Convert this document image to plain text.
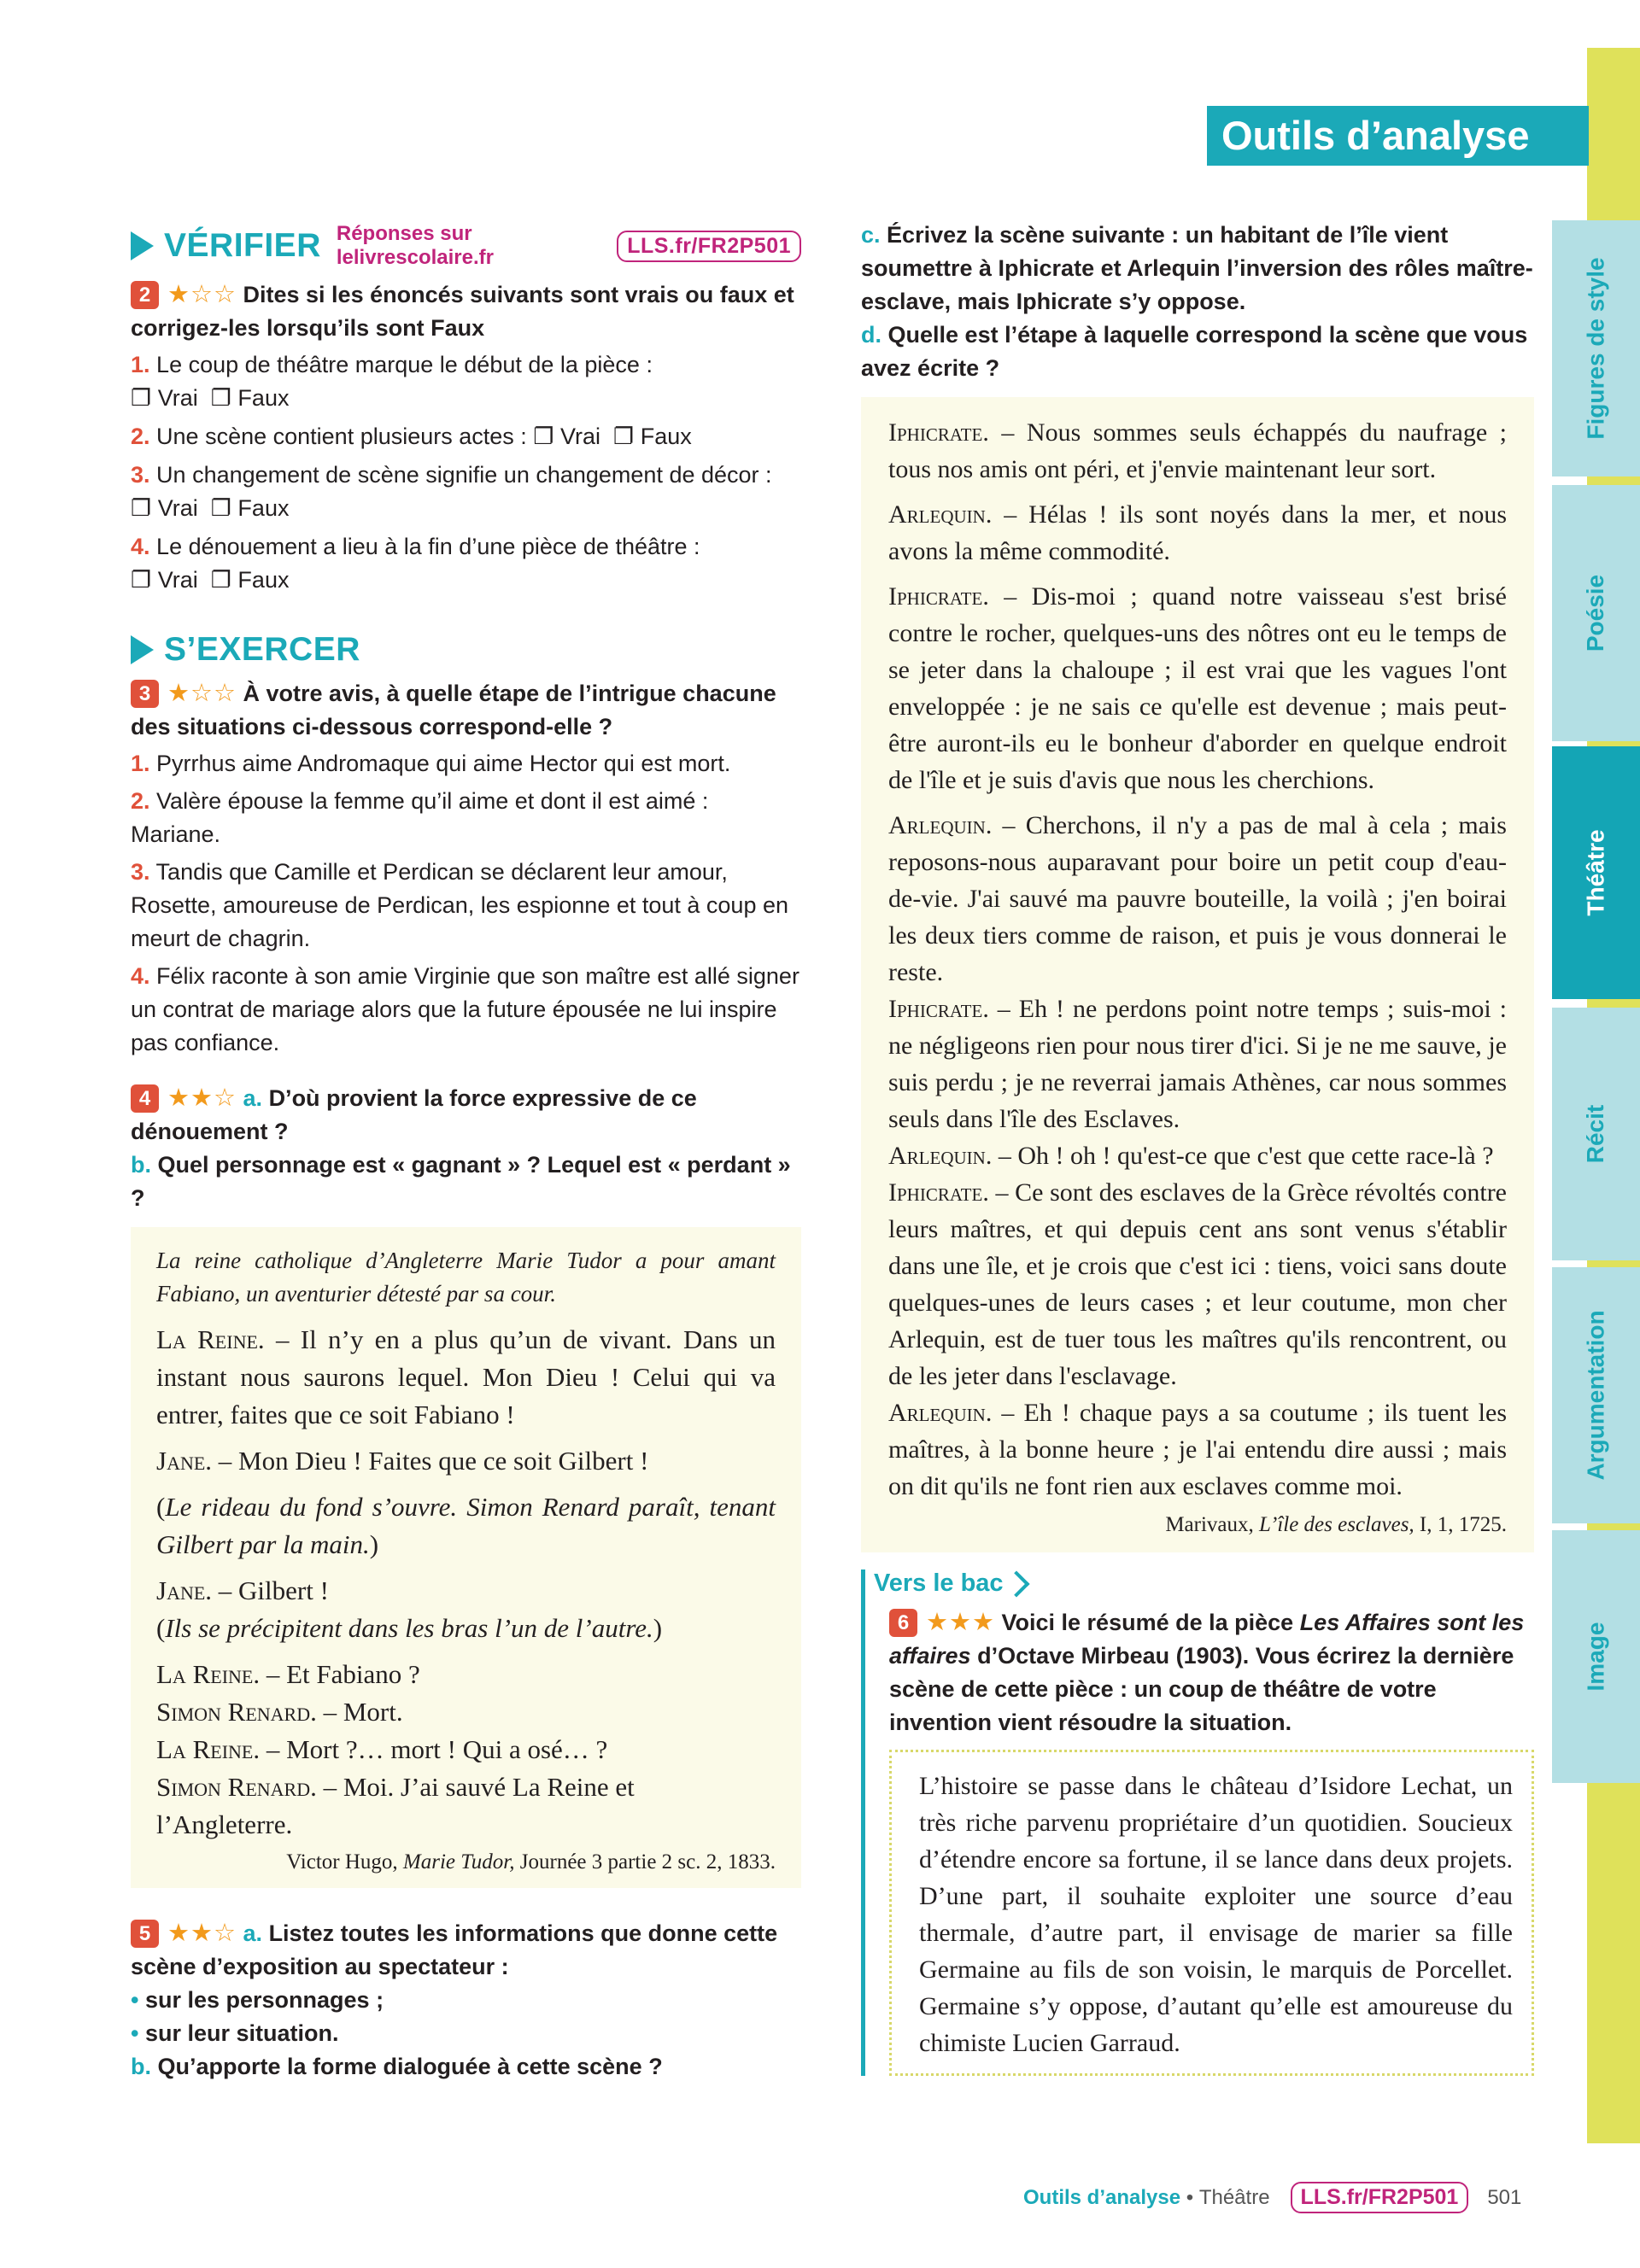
Figures de style
Poésie
Théâtre
Récit
Argumentation
Image
Outils d’analyse
VÉRIFIER Réponses sur lelivrescolaire.fr	LLS.fr/FR2P501
2 ★☆☆ Dites si les énoncés suivants sont vrais ou faux et corrigez-les lorsqu’ils sont Faux
1. Le coup de théâtre marque le début de la pièce :
❐ Vrai  ❐ Faux
2. Une scène contient plusieurs actes : ❐ Vrai  ❐ Faux
3. Un changement de scène signifie un changement de décor : ❐ Vrai  ❐ Faux
4. Le dénouement a lieu à la fin d’une pièce de théâtre :
❐ Vrai  ❐ Faux
S’EXERCER
3 ★☆☆ À votre avis, à quelle étape de l’intrigue chacune des situations ci-dessous correspond-elle ?
1. Pyrrhus aime Andromaque qui aime Hector qui est mort.
2. Valère épouse la femme qu’il aime et dont il est aimé : Mariane.
3. Tandis que Camille et Perdican se déclarent leur amour, Rosette, amoureuse de Perdican, les espionne et tout à coup en meurt de chagrin.
4. Félix raconte à son amie Virginie que son maître est allé signer un contrat de mariage alors que la future épousée ne lui inspire pas confiance.
4 ★★☆ a. D’où provient la force expressive de ce dénouement ?
b. Quel personnage est « gagnant » ? Lequel est « perdant » ?
La reine catholique d’Angleterre Marie Tudor a pour amant Fabiano, un aventurier détesté par sa cour.
La Reine. – Il n’y en a plus qu’un de vivant. Dans un instant nous saurons lequel. Mon Dieu ! Celui qui va entrer, faites que ce soit Fabiano !
Jane. – Mon Dieu ! Faites que ce soit Gilbert !
(Le rideau du fond s’ouvre. Simon Renard paraît, tenant Gilbert par la main.)
Jane. – Gilbert !
(Ils se précipitent dans les bras l’un de l’autre.)
La Reine. – Et Fabiano ?
Simon Renard. – Mort.
La Reine. – Mort ?… mort ! Qui a osé… ?
Simon Renard. – Moi. J’ai sauvé La Reine et l’Angleterre.
Victor Hugo, Marie Tudor, Journée 3 partie 2 sc. 2, 1833.
5 ★★☆ a. Listez toutes les informations que donne cette scène d’exposition au spectateur :
• sur les personnages ;
• sur leur situation.
b. Qu’apporte la forme dialoguée à cette scène ?
c. Écrivez la scène suivante : un habitant de l’île vient soumettre à Iphicrate et Arlequin l’inversion des rôles maître-esclave, mais Iphicrate s’y oppose.
d. Quelle est l’étape à laquelle correspond la scène que vous avez écrite ?
Iphicrate. – Nous sommes seuls échappés du naufrage ; tous nos amis ont péri, et j'envie maintenant leur sort.
Arlequin. – Hélas ! ils sont noyés dans la mer, et nous avons la même commodité.
Iphicrate. – Dis-moi ; quand notre vaisseau s'est brisé contre le rocher, quelques-uns des nôtres ont eu le temps de se jeter dans la chaloupe ; il est vrai que les vagues l'ont enveloppée : je ne sais ce qu'elle est devenue ; mais peut-être auront-ils eu le bonheur d'aborder en quelque endroit de l'île et je suis d'avis que nous les cherchions.
Arlequin. – Cherchons, il n'y a pas de mal à cela ; mais reposons-nous auparavant pour boire un petit coup d'eau-de-vie. J'ai sauvé ma pauvre bouteille, la voilà ; j'en boirai les deux tiers comme de raison, et puis je vous donnerai le reste.
Iphicrate. – Eh ! ne perdons point notre temps ; suis-moi : ne négligeons rien pour nous tirer d'ici. Si je ne me sauve, je suis perdu ; je ne reverrai jamais Athènes, car nous sommes seuls dans l'île des Esclaves.
Arlequin. – Oh ! oh ! qu'est-ce que c'est que cette race-là ?
Iphicrate. – Ce sont des esclaves de la Grèce révoltés contre leurs maîtres, et qui depuis cent ans sont venus s'établir dans une île, et je crois que c'est ici : tiens, voici sans doute quelques-unes de leurs cases ; et leur coutume, mon cher Arlequin, est de tuer tous les maîtres qu'ils rencontrent, ou de les jeter dans l'esclavage.
Arlequin. – Eh ! chaque pays a sa coutume ; ils tuent les maîtres, à la bonne heure ; je l'ai entendu dire aussi ; mais on dit qu'ils ne font rien aux esclaves comme moi.
Marivaux, L’île des esclaves, I, 1, 1725.
Vers le bac
6 ★★★ Voici le résumé de la pièce Les Affaires sont les affaires d’Octave Mirbeau (1903). Vous écrirez la dernière scène de cette pièce : un coup de théâtre de votre invention vient résoudre la situation.
L’histoire se passe dans le château d’Isidore Lechat, un très riche parvenu propriétaire d’un quotidien. Soucieux d’étendre encore sa fortune, il se lance dans deux projets. D’une part, il souhaite exploiter une source d’eau thermale, d’autre part, il envisage de marier sa fille Germaine au fils de son voisin, le marquis de Porcellet. Germaine s’y oppose, d’autant qu’elle est amoureuse du chimiste Lucien Garraud.
Outils d’analyse • Théâtre	LLS.fr/FR2P501	501
